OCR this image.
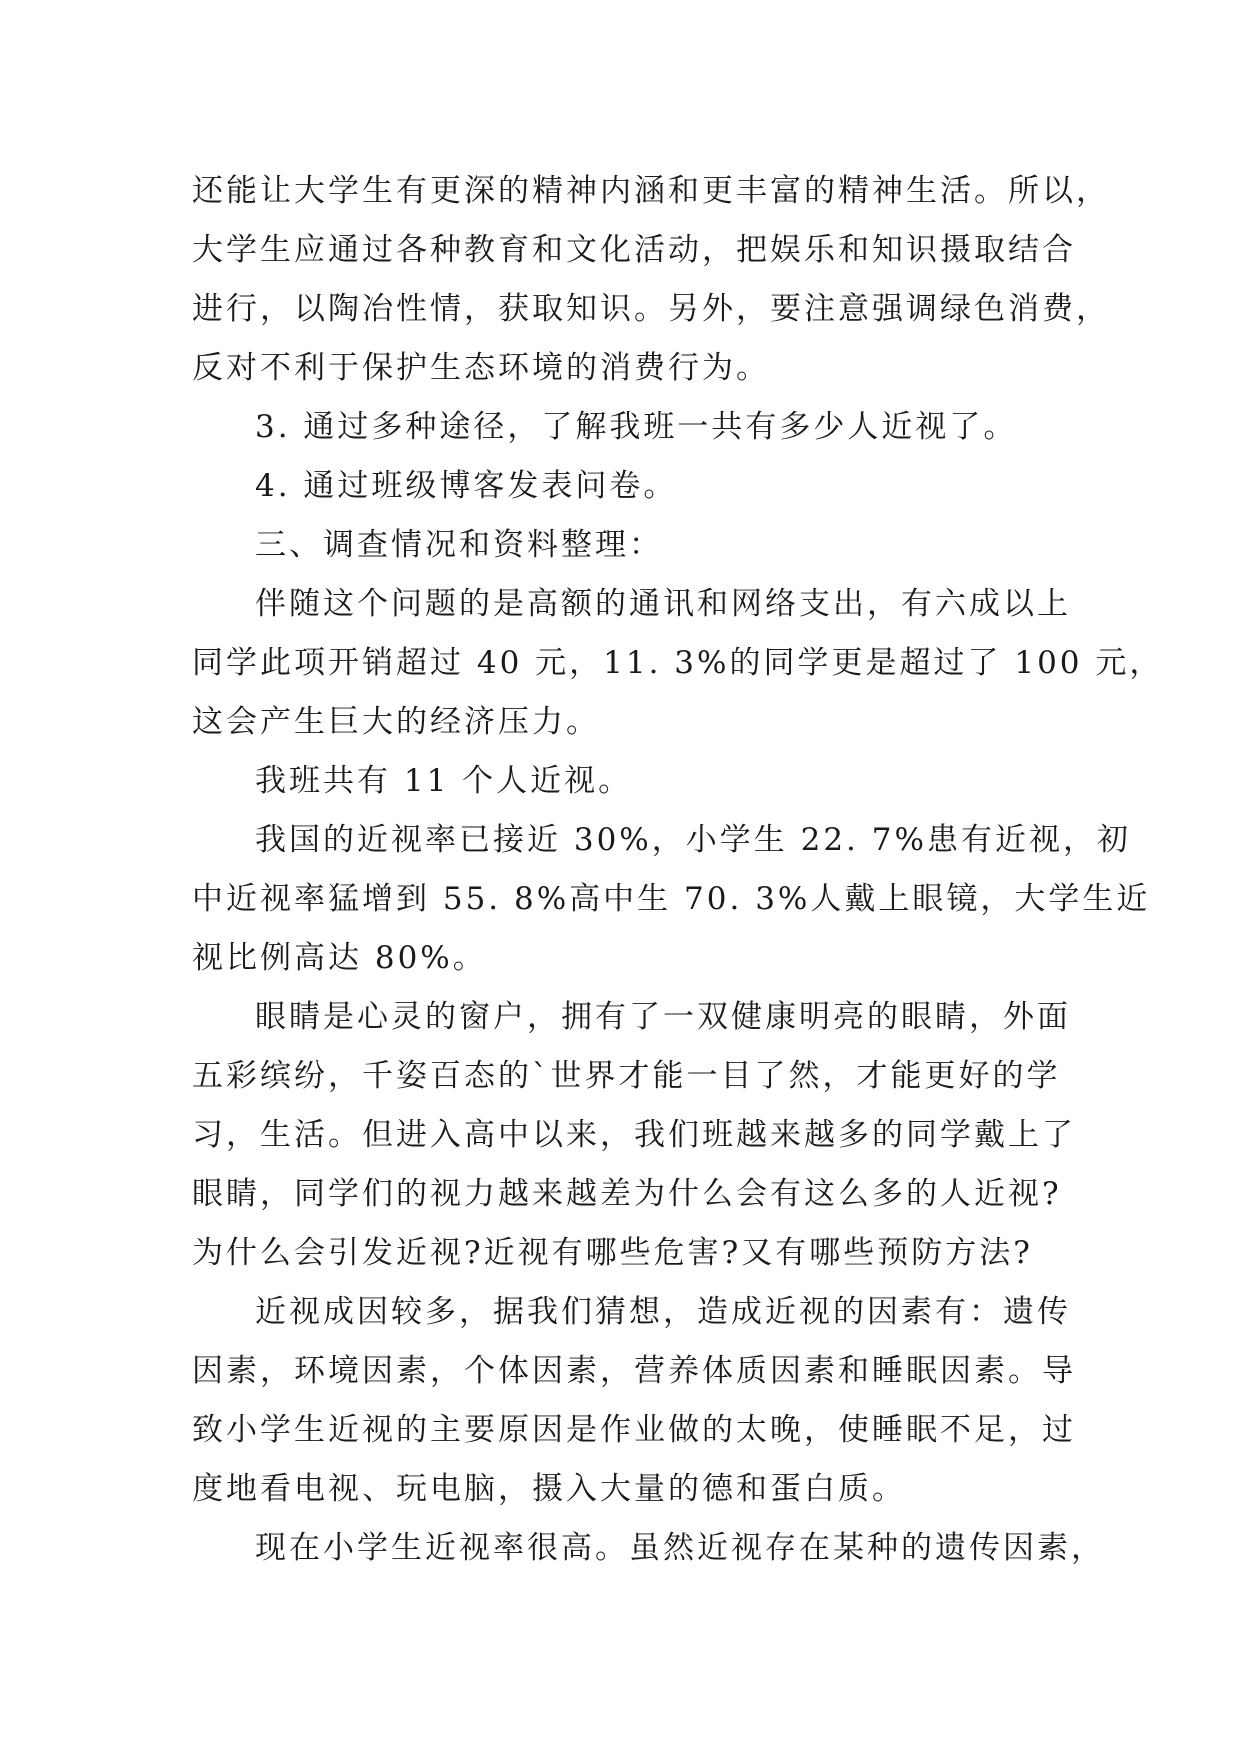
还能让大学生有更深的精神内涵和更丰富的精神生活。所以，
大学生应通过各种教育和文化活动，把娱乐和知识摄取结合
进行，以陶冶性情，获取知识。另外，要注意强调绿色消费，
反对不利于保护生态环境的消费行为。
3. 通过多种途径，了解我班一共有多少人近视了。
4. 通过班级博客发表问卷。
三、调查情况和资料整理：
伴随这个问题的是高额的通讯和网络支出，有六成以上
同学此项开销超过 40 元，11. 3%的同学更是超过了 100 元，
这会产生巨大的经济压力。
我班共有 11 个人近视。
我国的近视率已接近 30%，小学生 22. 7%患有近视，初
中近视率猛增到 55. 8%高中生 70. 3%人戴上眼镜，大学生近
视比例高达 80%。
眼睛是心灵的窗户，拥有了一双健康明亮的眼睛，外面
五彩缤纷，千姿百态的`世界才能一目了然，才能更好的学
习，生活。但进入高中以来，我们班越来越多的同学戴上了
眼睛，同学们的视力越来越差为什么会有这么多的人近视?
为什么会引发近视?近视有哪些危害?又有哪些预防方法?
近视成因较多，据我们猜想，造成近视的因素有：遗传
因素，环境因素，个体因素，营养体质因素和睡眠因素。导
致小学生近视的主要原因是作业做的太晚，使睡眠不足，过
度地看电视、玩电脑，摄入大量的德和蛋白质。
现在小学生近视率很高。虽然近视存在某种的遗传因素，
